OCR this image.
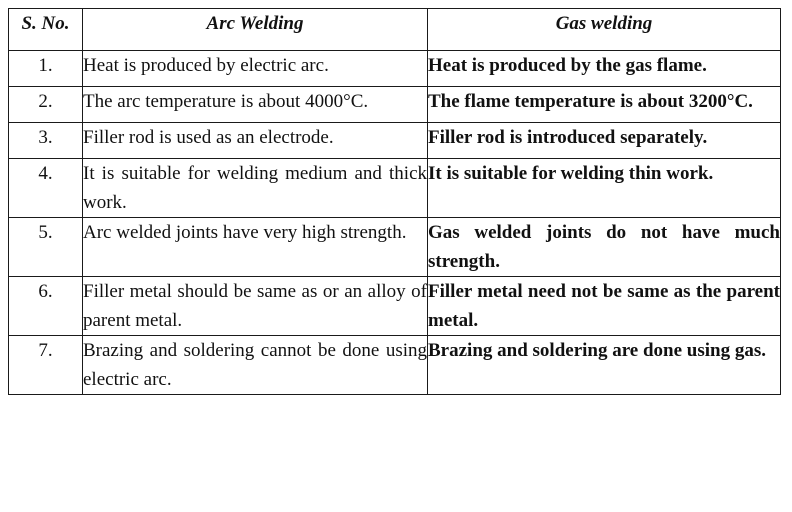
S. No.	Arc Welding	Gas welding
1.	Heat is produced by electric arc.	Heat is produced by the gas flame.
2.	The arc temperature is about 4000°C.	The flame temperature is about 3200°C.
3.	Filler rod is used as an electrode.	Filler rod is introduced separately.
4.	It is suitable for welding medium and thick work.	It is suitable for welding thin work.
5.	Arc welded joints have very high strength.	Gas welded joints do not have much strength.
6.	Filler metal should be same as or an alloy of parent metal.	Filler metal need not be same as the parent metal.
7.	Brazing and soldering cannot be done using electric arc.	Brazing and soldering are done using gas.
